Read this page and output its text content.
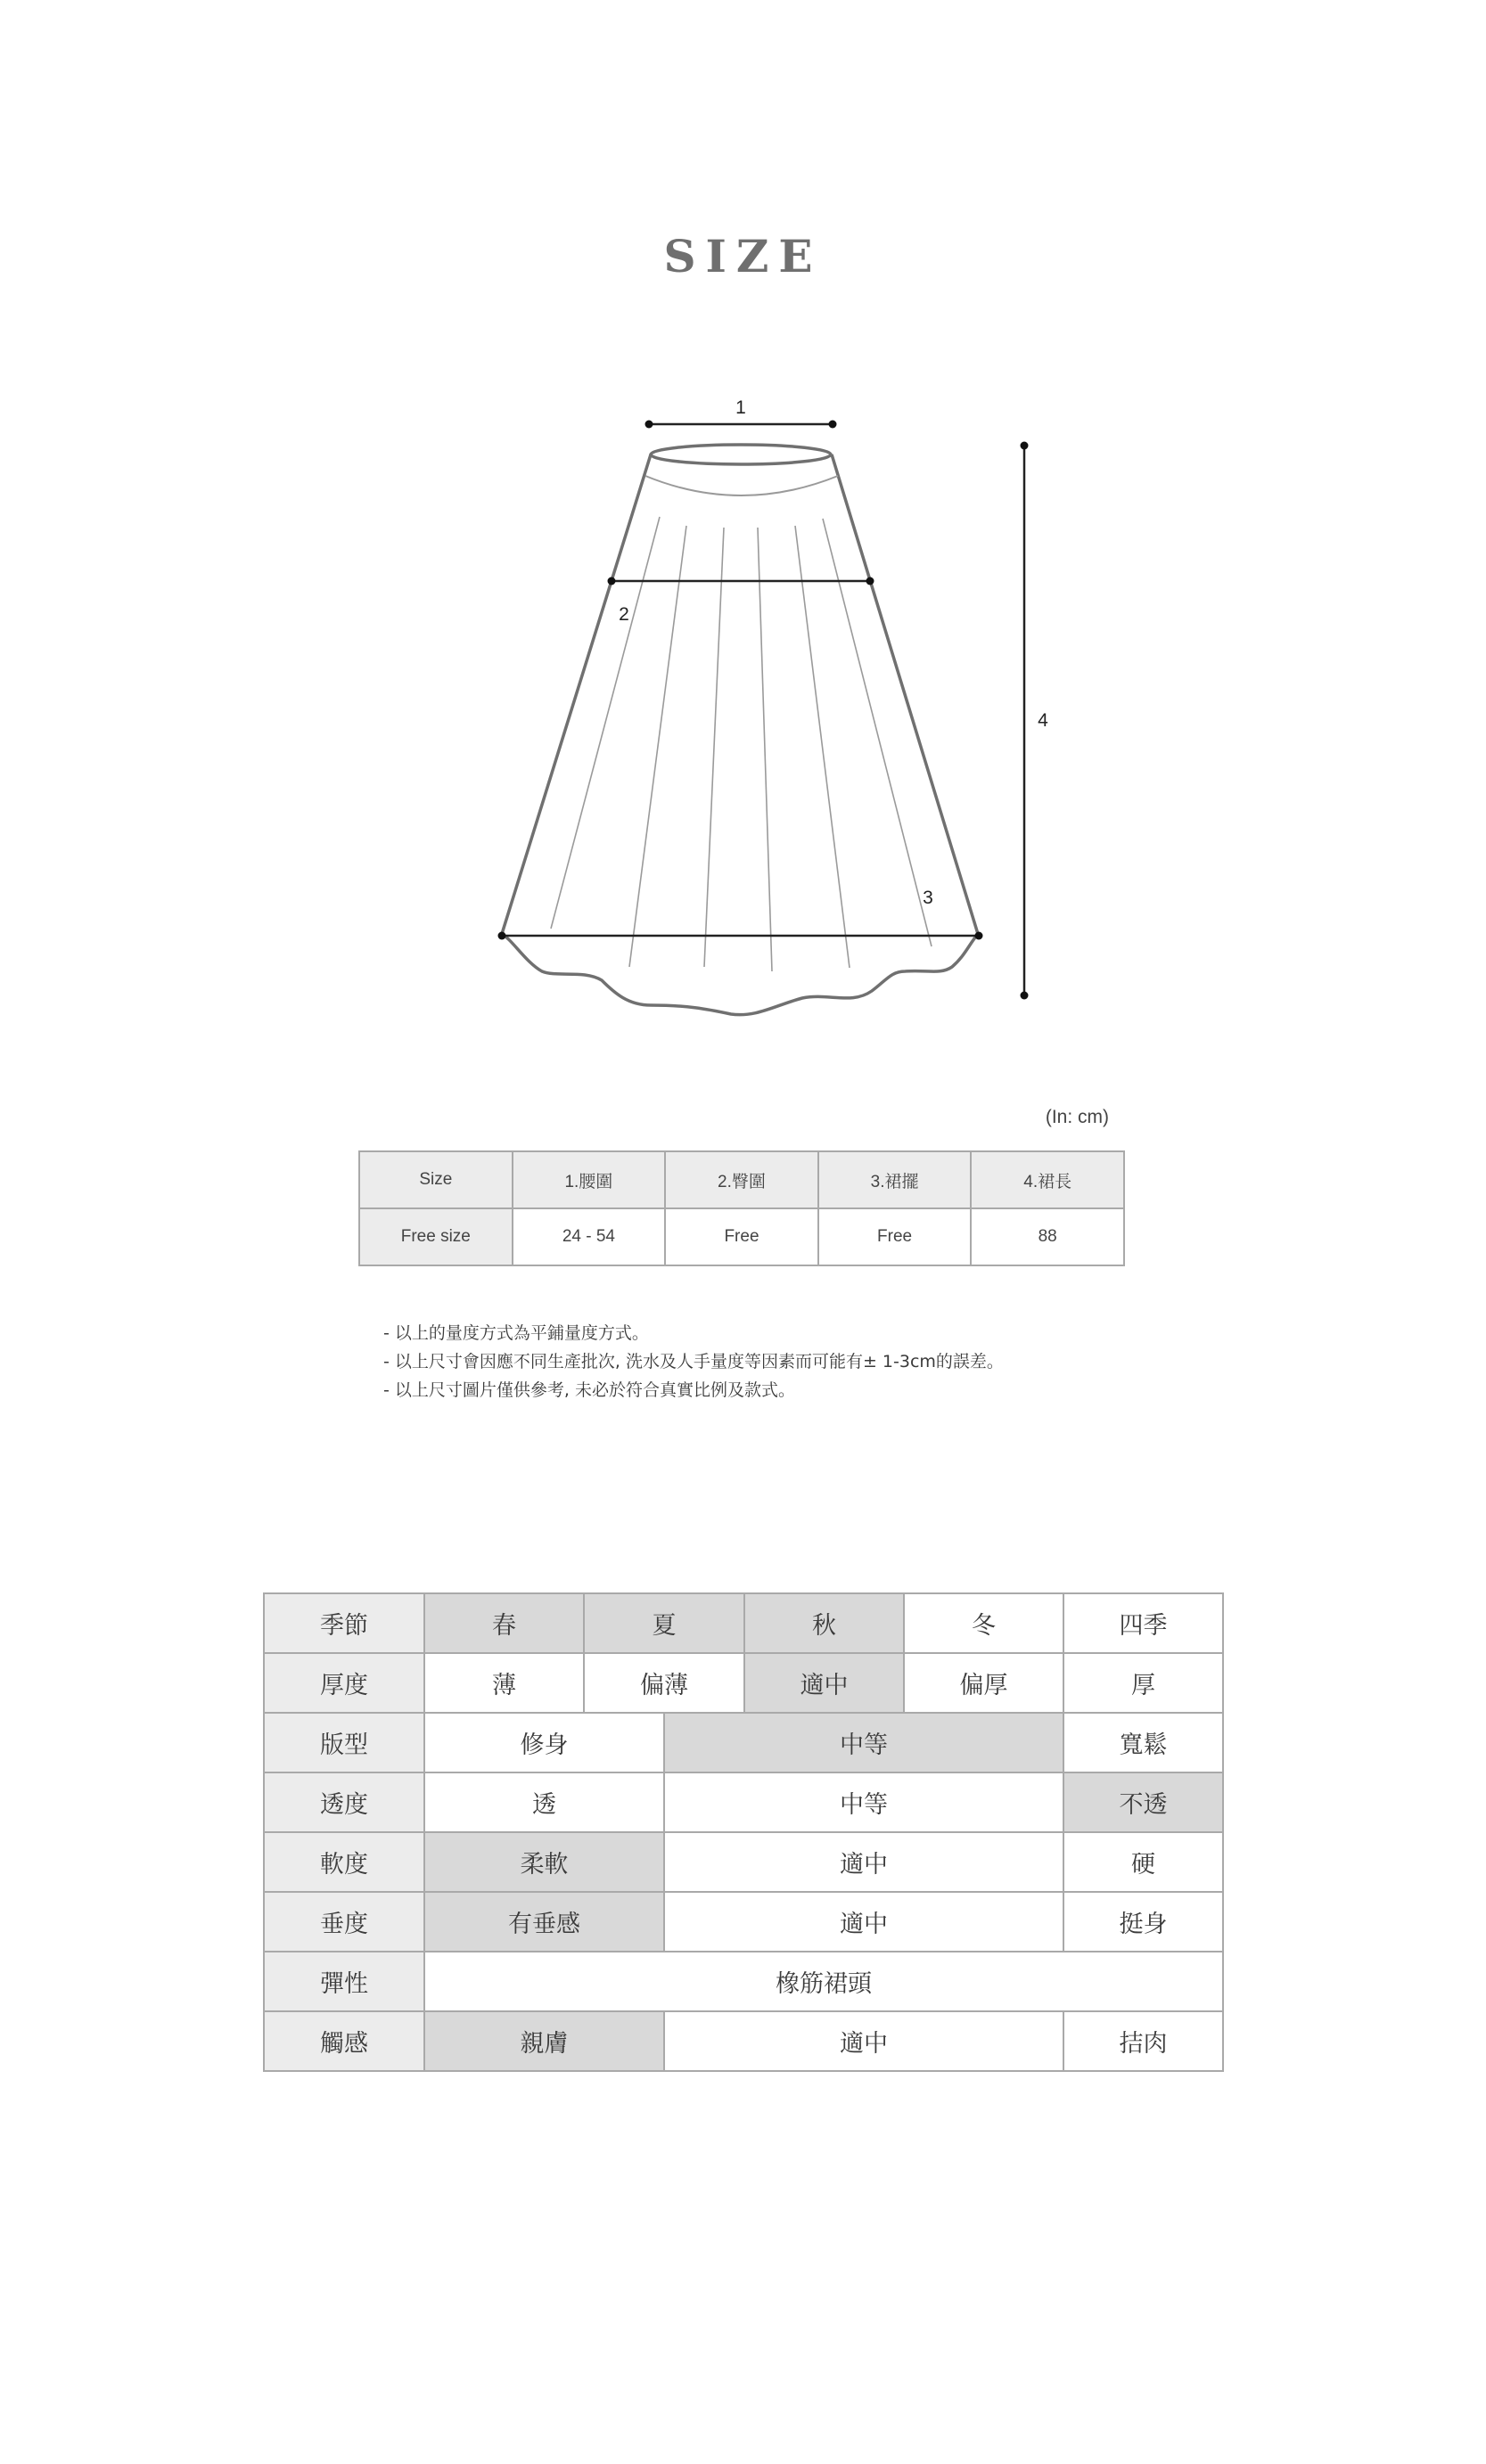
SIZE
1
2
3
4
(In: cm)
Size	1.腰圍	2.臀圍	3.裙擺	4.裙長
Free size	24 - 54	Free	Free	88
- 以上的量度方式為平鋪量度方式。
- 以上尺寸會因應不同生產批次, 洗水及人手量度等因素而可能有± 1-3cm的誤差。
- 以上尺寸圖片僅供參考, 未必於符合真實比例及款式。
季節	春	夏		秋	冬	四季
厚度	薄	偏薄		適中	偏厚	厚
版型	修身		中等			寬鬆
透度	透		中等			不透
軟度	柔軟		適中			硬
垂度	有垂感		適中			挺身
彈性	橡筋裙頭					
觸感	親膚		適中			拮肉
